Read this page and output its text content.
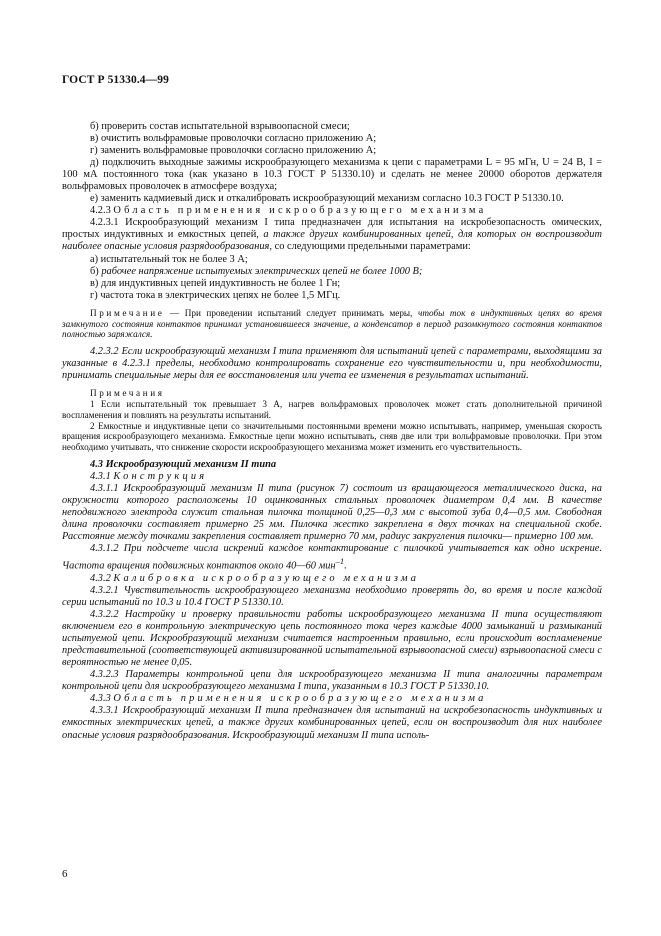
ГОСТ Р 51330.4—99

б) проверить состав испытательной взрывоопасной смеси;

в) очистить вольфрамовые проволочки согласно приложению А;

г) заменить вольфрамовые проволочки согласно приложению А;

д) подключить выходные зажимы искрообразующего механизма к цепи с параметрами L = 95 мГн, U = 24 В, I = 100 мА постоянного тока (как указано в 10.3 ГОСТ Р 51330.10) и сделать не менее 20000 оборотов держателя вольфрамовых проволочек в атмосфере воздуха;

е) заменить кадмиевый диск и откалибровать искрообразующий механизм согласно 10.3 ГОСТ Р 51330.10.

4.2.3 Область применения искрообразующего механизма

4.2.3.1 Искрообразующий механизм I типа предназначен для испытания на искробезопасность омических, простых индуктивных и емкостных цепей, а также других комбинированных цепей, для которых он воспроизводит наиболее опасные условия разрядообразования, со следующими предельными параметрами:

а) испытательный ток не более 3 А;

б) рабочее напряжение испытуемых электрических цепей не более 1000 В;

в) для индуктивных цепей индуктивность не более 1 Гн;

г) частота тока в электрических цепях не более 1,5 МГц.

Примечание — При проведении испытаний следует принимать меры, чтобы ток в индуктивных цепях во время замкнутого состояния контактов принимал установившееся значение, а конденсатор в период разомкнутого состояния контактов полностью заряжался.

4.2.3.2 Если искрообразующий механизм I типа применяют для испытаний цепей с параметрами, выходящими за указанные в 4.2.3.1 пределы, необходимо контролировать сохранение его чувствительности и, при необходимости, принимать специальные меры для ее восстановления или учета ее изменения в результатах испытаний.

Примечания

1 Если испытательный ток превышает 3 А, нагрев вольфрамовых проволочек может стать дополнительной причиной воспламенения и повлиять на результаты испытаний.

2 Емкостные и индуктивные цепи со значительными постоянными времени можно испытывать, например, уменьшая скорость вращения искрообразующего механизма. Емкостные цепи можно испытывать, сняв две или три вольфрамовые проволочки. При этом необходимо учитывать, что снижение скорости искрообразующего механизма может изменить его чувствительность.

4.3 Искрообразующий механизм II типа

4.3.1 Конструкция

4.3.1.1 Искрообразующий механизм II типа (рисунок 7) состоит из вращающегося металлического диска, на окружности которого расположены 10 оцинкованных стальных проволочек диаметром 0,4 мм. В качестве неподвижного электрода служит стальная пилочка толщиной 0,25—0,3 мм с высотой зуба 0,4—0,5 мм. Свободная длина проволочки составляет примерно 25 мм. Пилочка жестко закреплена в двух точках на специальной скобе. Расстояние между точками закрепления составляет примерно 70 мм, радиус закругления пилочки— примерно 100 мм.

4.3.1.2 При подсчете числа искрений каждое контактирование с пилочкой учитывается как одно искрение. Частота вращения подвижных контактов около 40—60 мин$^{-1}$.

4.3.2 Калибровка искрообразующего механизма

4.3.2.1 Чувствительность искрообразующего механизма необходимо проверять до, во время и после каждой серии испытаний по 10.3 и 10.4 ГОСТ Р 51330.10.

4.3.2.2 Настройку и проверку правильности работы искрообразующего механизма II типа осуществляют включением его в контрольную электрическую цепь постоянного тока через каждые 4000 замыканий и размыканий испытуемой цепи. Искрообразующий механизм считается настроенным правильно, если происходит воспламенение представительной (соответствующей активизированной испытательной взрывоопасной смеси) взрывоопасной смеси с вероятностью не менее 0,05.

4.3.2.3 Параметры контрольной цепи для искрообразующего механизма II типа аналогичны параметрам контрольной цепи для искрообразующего механизма I типа, указанным в 10.3 ГОСТ Р 51330.10.

4.3.3 Область применения искрообразующего механизма

4.3.3.1 Искрообразующий механизм II типа предназначен для испытаний на искробезопасность индуктивных и емкостных электрических цепей, а также других комбинированных цепей, если он воспроизводит для них наиболее опасные условия разрядообразования. Искрообразующий механизм II типа исполь-

6
